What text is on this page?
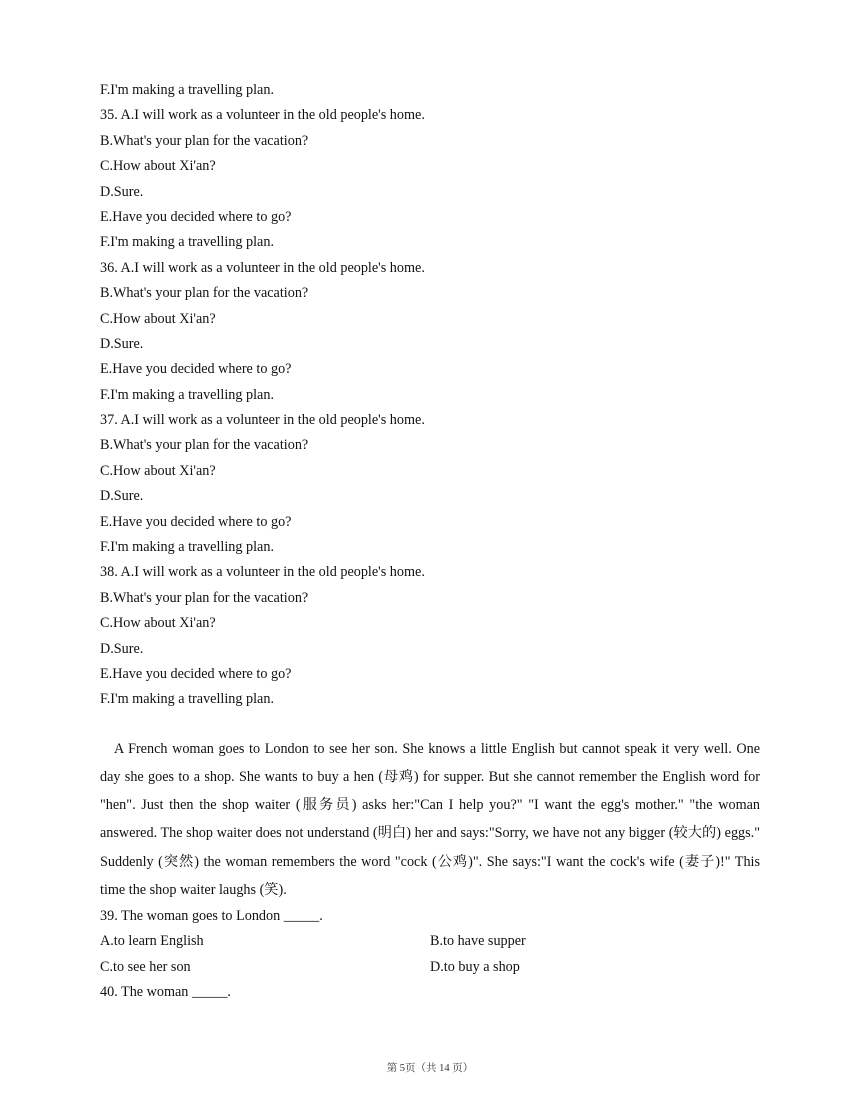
F.I'm making a travelling plan.
35. A.I will work as a volunteer in the old people's home.
B.What's your plan for the vacation?
C.How about Xi'an?
D.Sure.
E.Have you decided where to go?
F.I'm making a travelling plan.
36. A.I will work as a volunteer in the old people's home.
B.What's your plan for the vacation?
C.How about Xi'an?
D.Sure.
E.Have you decided where to go?
F.I'm making a travelling plan.
37. A.I will work as a volunteer in the old people's home.
B.What's your plan for the vacation?
C.How about Xi'an?
D.Sure.
E.Have you decided where to go?
F.I'm making a travelling plan.
38. A.I will work as a volunteer in the old people's home.
B.What's your plan for the vacation?
C.How about Xi'an?
D.Sure.
E.Have you decided where to go?
F.I'm making a travelling plan.

A French woman goes to London to see her son. She knows a little English but cannot speak it very well. One day she goes to a shop. She wants to buy a hen (母鸡) for supper. But she cannot remember the English word for "hen". Just then the shop waiter (服务员) asks her:"Can I help you?" "I want the egg's mother." "the woman answered. The shop waiter does not understand (明白) her and says:"Sorry, we have not any bigger (较大的) eggs." Suddenly (突然) the woman remembers the word "cock (公鸡)". She says:"I want the cock's wife (妻子)!" This time the shop waiter laughs (笑).

39. The woman goes to London _____.
A.to learn English	B.to have supper
C.to see her son	D.to buy a shop
40. The woman _____.
第 5页（共 14 页）
